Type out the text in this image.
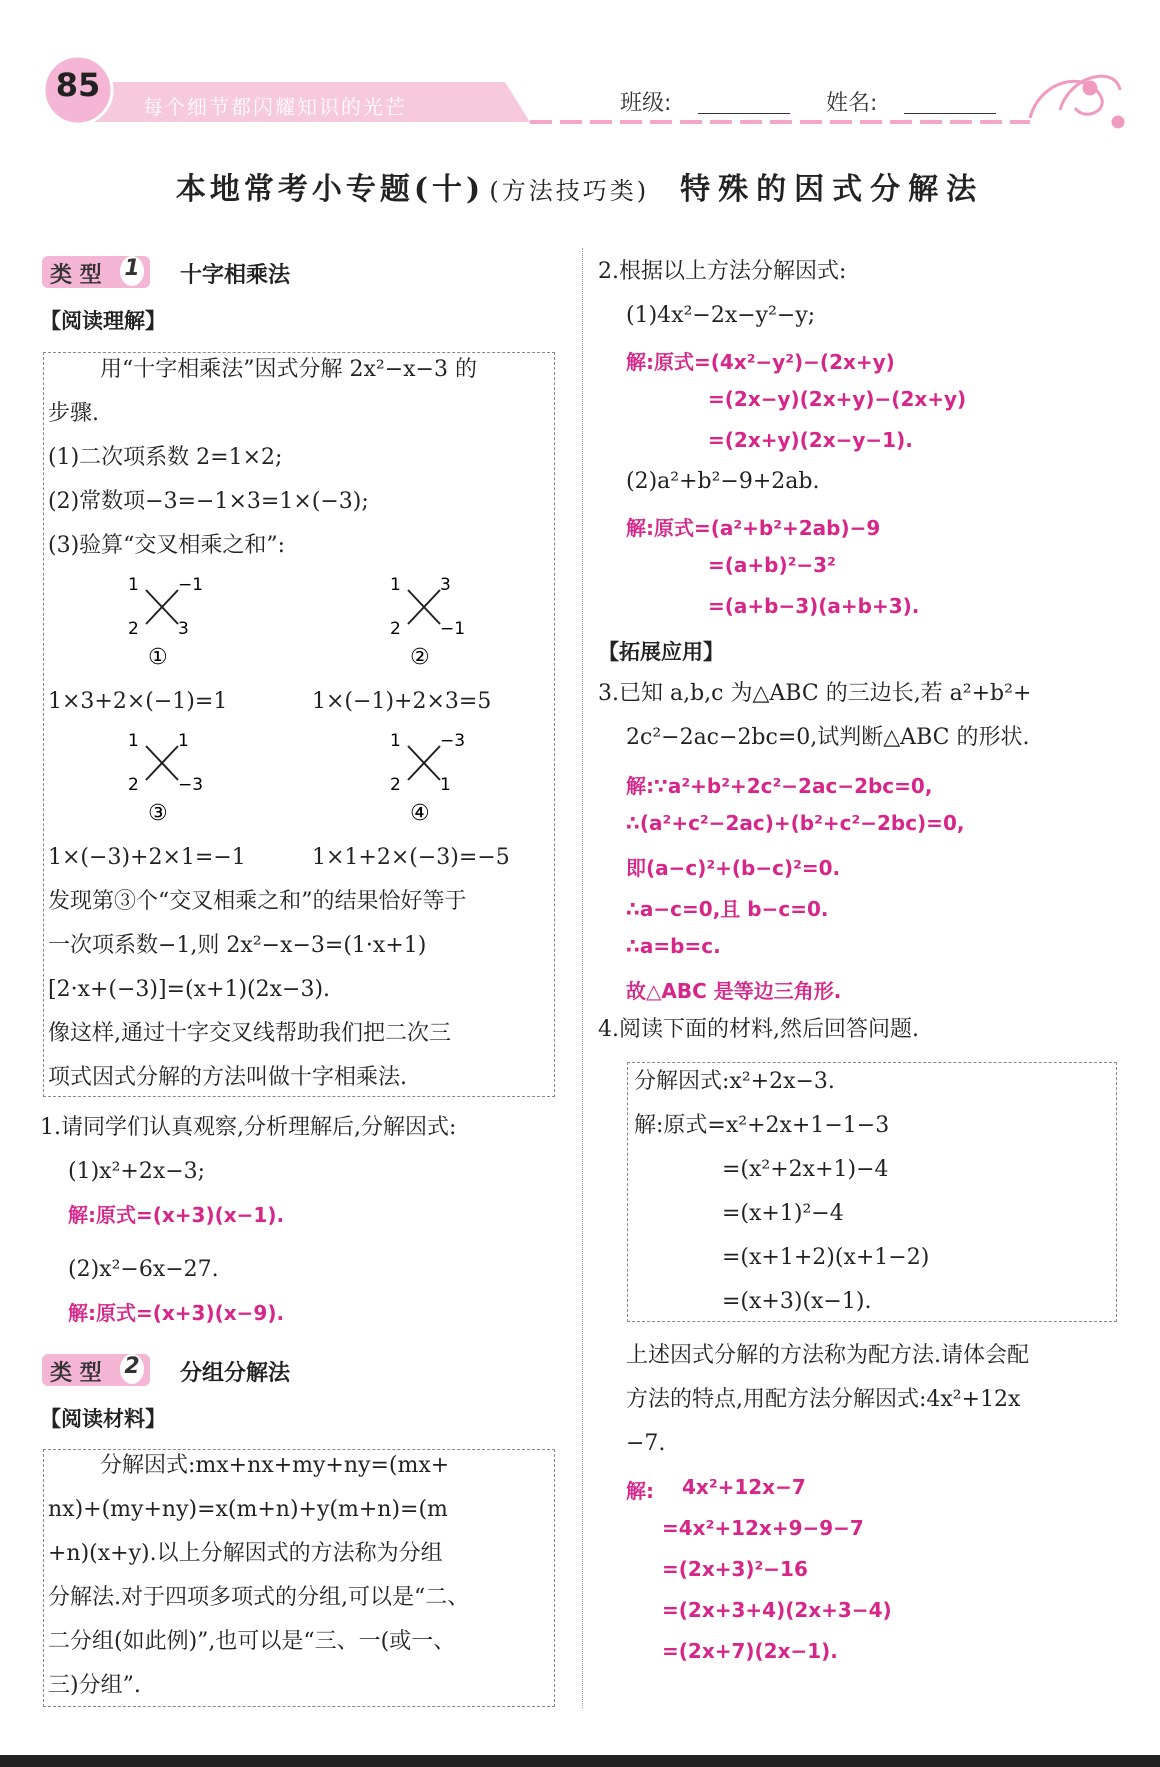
85
每个细节都闪耀知识的光芒	班级:	姓名:
本地常考小专题(十) (方法技巧类) 特殊的因式分解法
类 型 1 十字相乘法
【阅读理解】
用“十字相乘法”因式分解 2x²−x−3 的
步骤.
(1)二次项系数 2=1×2;
(2)常数项−3=−1×3=1×(−3);
(3)验算“交叉相乘之和”:
1 −1
2 3
①
1 3
2 −1
②
1×3+2×(−1)=1	1×(−1)+2×3=5
1 1
2 −3
③
1 −3
2 1
④
1×(−3)+2×1=−1	1×1+2×(−3)=−5
发现第③个“交叉相乘之和”的结果恰好等于
一次项系数−1,则 2x²−x−3=(1·x+1)
[2·x+(−3)]=(x+1)(2x−3).
像这样,通过十字交叉线帮助我们把二次三
项式因式分解的方法叫做十字相乘法.
1.请同学们认真观察,分析理解后,分解因式:
(1)x²+2x−3;
解:原式=(x+3)(x−1).
(2)x²−6x−27.
解:原式=(x+3)(x−9).
类 型 2 分组分解法
【阅读材料】
分解因式:mx+nx+my+ny=(mx+
nx)+(my+ny)=x(m+n)+y(m+n)=(m
+n)(x+y).以上分解因式的方法称为分组
分解法.对于四项多项式的分组,可以是“二、
二分组(如此例)”,也可以是“三、一(或一、
三)分组”.
2.根据以上方法分解因式:
(1)4x²−2x−y²−y;
解:原式=(4x²−y²)−(2x+y)
=(2x−y)(2x+y)−(2x+y)
=(2x+y)(2x−y−1).
(2)a²+b²−9+2ab.
解:原式=(a²+b²+2ab)−9
=(a+b)²−3²
=(a+b−3)(a+b+3).
【拓展应用】
3.已知 a,b,c 为△ABC 的三边长,若 a²+b²+
2c²−2ac−2bc=0,试判断△ABC 的形状.
解:∵a²+b²+2c²−2ac−2bc=0,
∴(a²+c²−2ac)+(b²+c²−2bc)=0,
即(a−c)²+(b−c)²=0.
∴a−c=0,且 b−c=0.
∴a=b=c.
故△ABC 是等边三角形.
4.阅读下面的材料,然后回答问题.
分解因式:x²+2x−3.
解:原式=x²+2x+1−1−3
=(x²+2x+1)−4
=(x+1)²−4
=(x+1+2)(x+1−2)
=(x+3)(x−1).
上述因式分解的方法称为配方法.请体会配
方法的特点,用配方法分解因式:4x²+12x
−7.
解: 4x²+12x−7
=4x²+12x+9−9−7
=(2x+3)²−16
=(2x+3+4)(2x+3−4)
=(2x+7)(2x−1).
